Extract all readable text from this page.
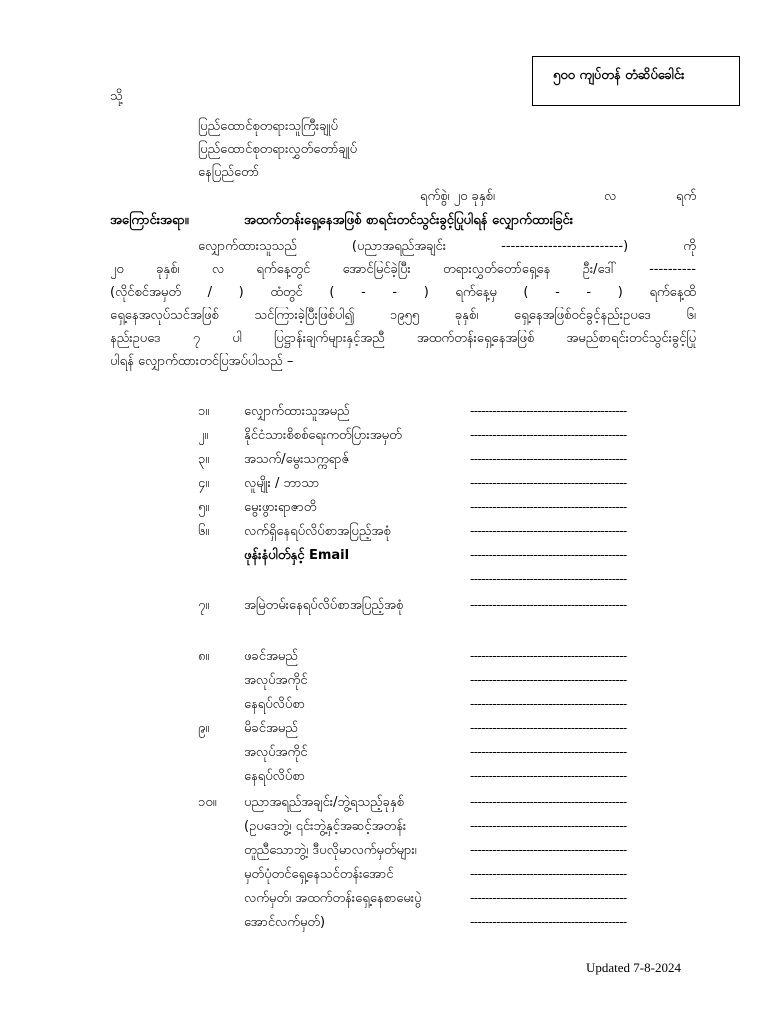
၅၀၀ ကျပ်တန် တံဆိပ်ခေါင်း
သို့
ပြည်ထောင်စုတရားသူကြီးချုပ်
ပြည်ထောင်စုတရားလွှတ်တော်ချုပ်
နေပြည်တော်
ရက်စွဲ၊ ၂၀ ခုနှစ်၊	လ	ရက်
အကြောင်းအရာ။	အထက်တန်းရှေ့နေအဖြစ် စာရင်းတင်သွင်းခွင့်ပြုပါရန် လျှောက်ထားခြင်း
လျှောက်ထားသူသည် (ပညာအရည်အချင်း --------------------------) ကို
၂၀ ခုနှစ်၊ လ ရက်နေ့တွင် အောင်မြင်ခဲ့ပြီး တရားလွှတ်တော်ရှေ့နေ ဦး/ဒေါ် ----------
(လိုင်စင်အမှတ် / ) ထံတွင် ( - - ) ရက်နေ့မှ ( - - ) ရက်နေ့ထိ
ရှေ့နေအလုပ်သင်အဖြစ် သင်ကြားခဲ့ပြီးဖြစ်ပါ၍ ၁၉၅၅ ခုနှစ်၊ ရှေ့နေအဖြစ်ဝင်ခွင့်နည်းဥပဒေ ၆၊
နည်းဥပဒေ ၇ ပါ ပြဋ္ဌာန်းချက်များနှင့်အညီ အထက်တန်းရှေ့နေအဖြစ် အမည်စာရင်းတင်သွင်းခွင့်ပြု
ပါရန် လျှောက်ထားတင်ပြအပ်ပါသည် –
၁။	လျှောက်ထားသူအမည်	------------------------------------------
၂။	နိုင်ငံသားစိစစ်ရေးကတ်ပြားအမှတ်	------------------------------------------
၃။	အသက်/မွေးသက္ကရာဇ်	------------------------------------------
၄။	လူမျိုး / ဘာသာ	------------------------------------------
၅။	မွေးဖွားရာဇာတိ	------------------------------------------
၆။	လက်ရှိနေရပ်လိပ်စာအပြည့်အစုံ	------------------------------------------
ဖုန်းနံပါတ်နှင့် Email	------------------------------------------
------------------------------------------
၇။	အမြဲတမ်းနေရပ်လိပ်စာအပြည့်အစုံ	------------------------------------------
၈။	ဖခင်အမည်	------------------------------------------
အလုပ်အကိုင်	------------------------------------------
နေရပ်လိပ်စာ	------------------------------------------
၉။	မိခင်အမည်	------------------------------------------
အလုပ်အကိုင်	------------------------------------------
နေရပ်လိပ်စာ	------------------------------------------
၁၀။ ပညာအရည်အချင်း/ဘွဲ့ရသည့်ခုနှစ်	------------------------------------------
(ဥပဒေဘွဲ့၊ ၎င်းဘွဲ့နှင့်အဆင့်အတန်း	------------------------------------------
တူညီသောဘွဲ့၊ ဒီပလိုမာလက်မှတ်များ၊	------------------------------------------
မှတ်ပုံတင်ရှေ့နေသင်တန်းအောင်	------------------------------------------
လက်မှတ်၊ အထက်တန်းရှေ့နေစာမေးပွဲ	------------------------------------------
အောင်လက်မှတ်)	------------------------------------------
Updated 7-8-2024
